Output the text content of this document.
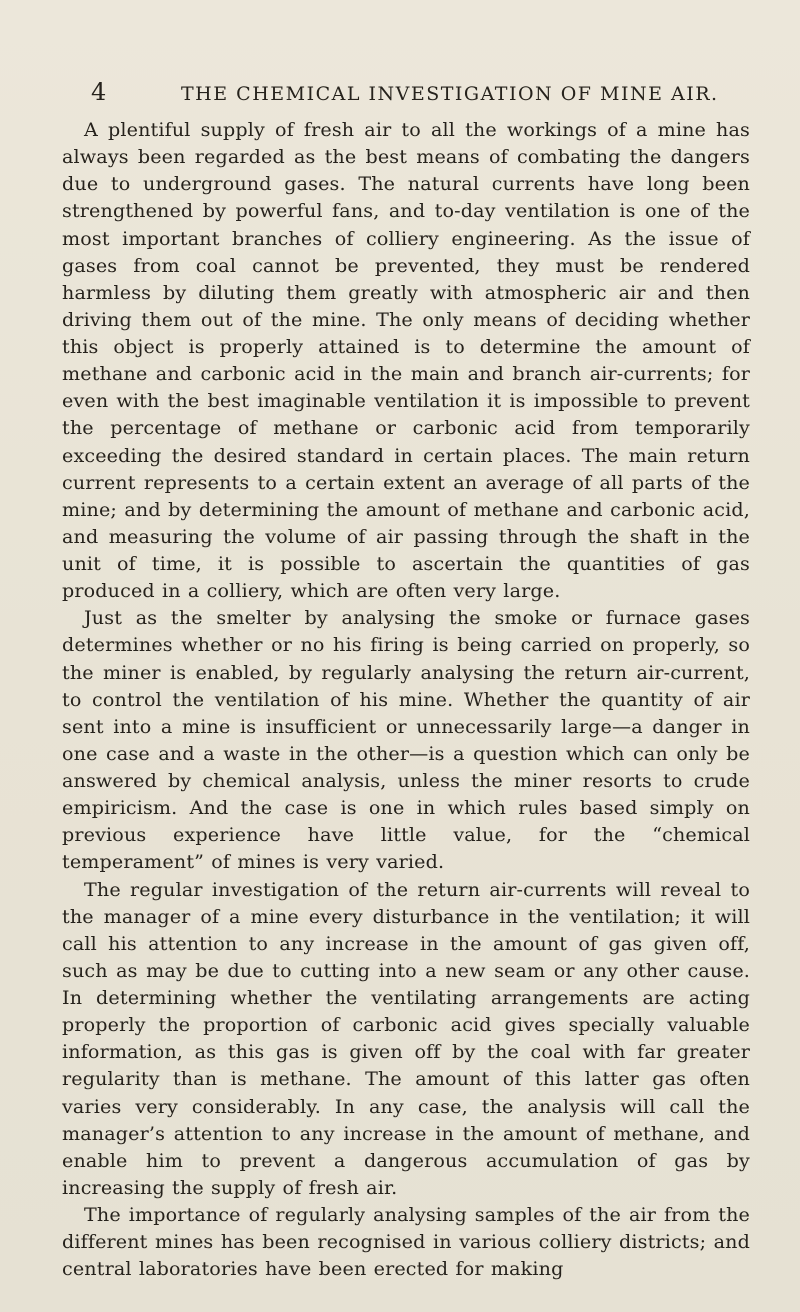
4	THE CHEMICAL INVESTIGATION OF MINE AIR.

A plentiful supply of fresh air to all the workings of a mine has always been regarded as the best means of combating the dangers due to underground gases. The natural currents have long been strengthened by powerful fans, and to-day ventilation is one of the most important branches of colliery engineering. As the issue of gases from coal cannot be prevented, they must be rendered harmless by diluting them greatly with atmospheric air and then driving them out of the mine. The only means of deciding whether this object is properly attained is to determine the amount of methane and carbonic acid in the main and branch air-currents; for even with the best imaginable ventilation it is impossible to prevent the percentage of methane or carbonic acid from temporarily exceeding the desired standard in certain places. The main return current represents to a certain extent an average of all parts of the mine; and by determining the amount of methane and carbonic acid, and measuring the volume of air passing through the shaft in the unit of time, it is possible to ascertain the quantities of gas produced in a colliery, which are often very large.

Just as the smelter by analysing the smoke or furnace gases determines whether or no his firing is being carried on properly, so the miner is enabled, by regularly analysing the return air-current, to control the ventilation of his mine. Whether the quantity of air sent into a mine is insufficient or unnecessarily large—a danger in one case and a waste in the other—is a question which can only be answered by chemical analysis, unless the miner resorts to crude empiricism. And the case is one in which rules based simply on previous experience have little value, for the “chemical temperament” of mines is very varied.

The regular investigation of the return air-currents will reveal to the manager of a mine every disturbance in the ventilation; it will call his attention to any increase in the amount of gas given off, such as may be due to cutting into a new seam or any other cause. In determining whether the ventilating arrangements are acting properly the proportion of carbonic acid gives specially valuable information, as this gas is given off by the coal with far greater regularity than is methane. The amount of this latter gas often varies very considerably. In any case, the analysis will call the manager’s attention to any increase in the amount of methane, and enable him to prevent a dangerous accumulation of gas by increasing the supply of fresh air.

The importance of regularly analysing samples of the air from the different mines has been recognised in various colliery districts; and central laboratories have been erected for making
